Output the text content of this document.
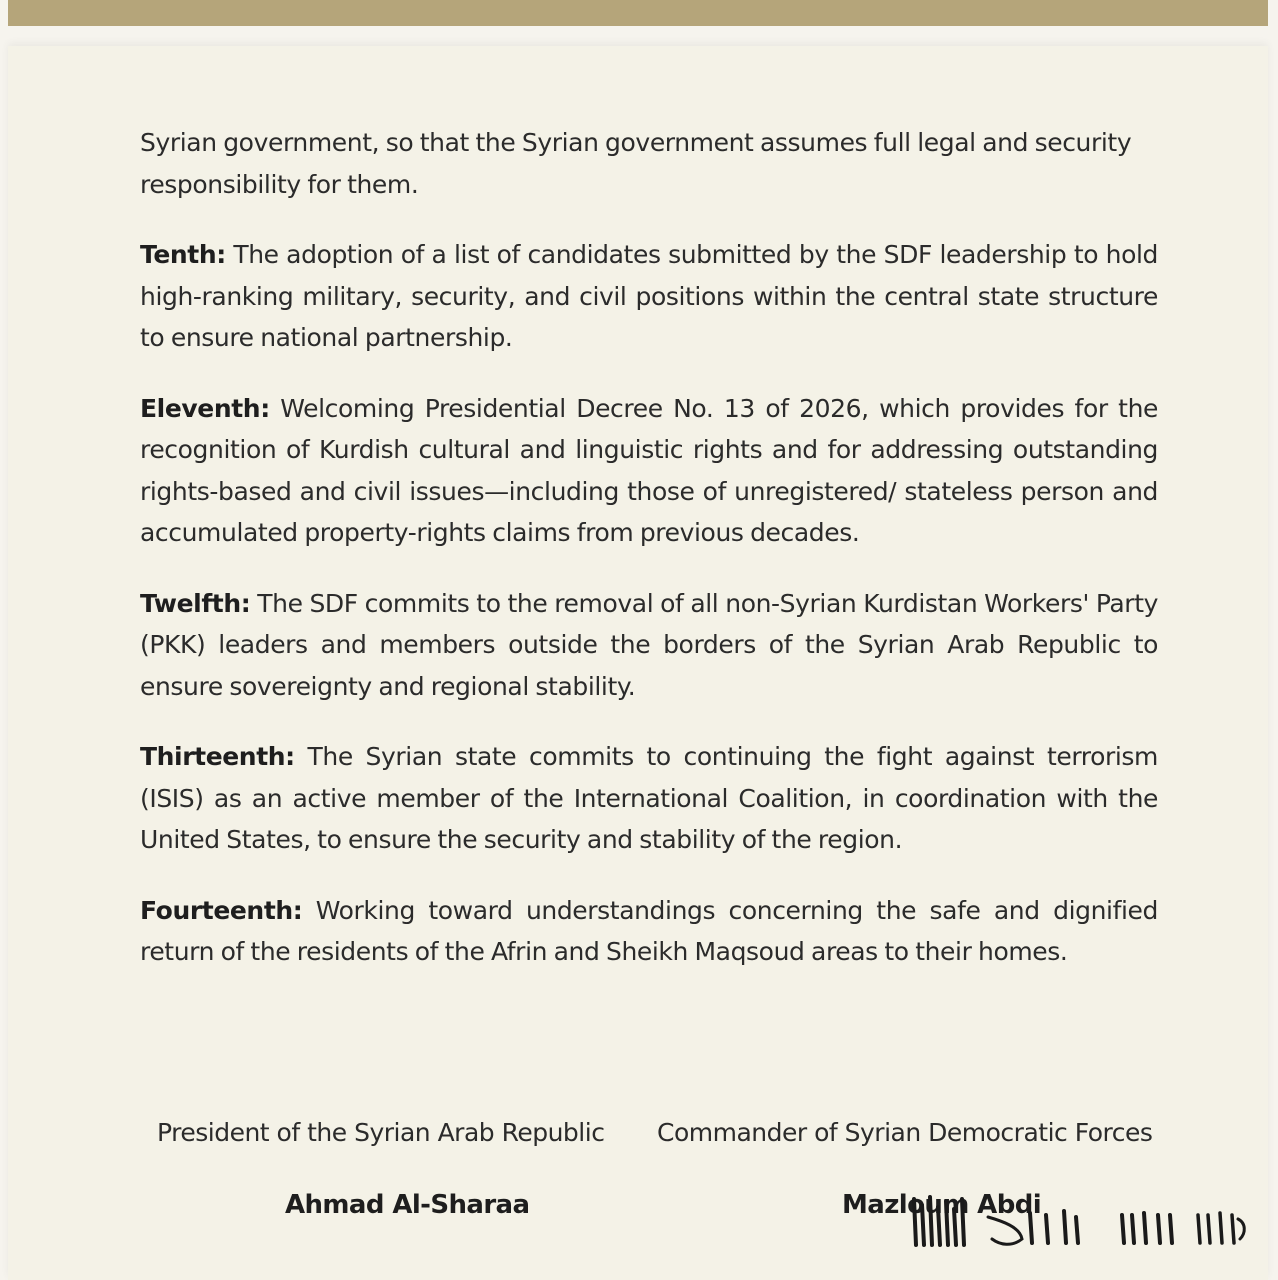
Syrian government, so that the Syrian government assumes full legal and security responsibility for them.

Tenth: The adoption of a list of candidates submitted by the SDF leadership to hold high-ranking military, security, and civil positions within the central state structure to ensure national partnership.

Eleventh: Welcoming Presidential Decree No. 13 of 2026, which provides for the recognition of Kurdish cultural and linguistic rights and for addressing outstanding rights-based and civil issues—including those of unregistered/ stateless person and accumulated property-rights claims from previous decades.

Twelfth: The SDF commits to the removal of all non-Syrian Kurdistan Workers' Party (PKK) leaders and members outside the borders of the Syrian Arab Republic to ensure sovereignty and regional stability.

Thirteenth: The Syrian state commits to continuing the fight against terrorism (ISIS) as an active member of the International Coalition, in coordination with the United States, to ensure the security and stability of the region.

Fourteenth: Working toward understandings concerning the safe and dignified return of the residents of the Afrin and Sheikh Maqsoud areas to their homes.

President of the Syrian Arab Republic Commander of Syrian Democratic Forces
Ahmad Al-Sharaa	Mazloum Abdi
